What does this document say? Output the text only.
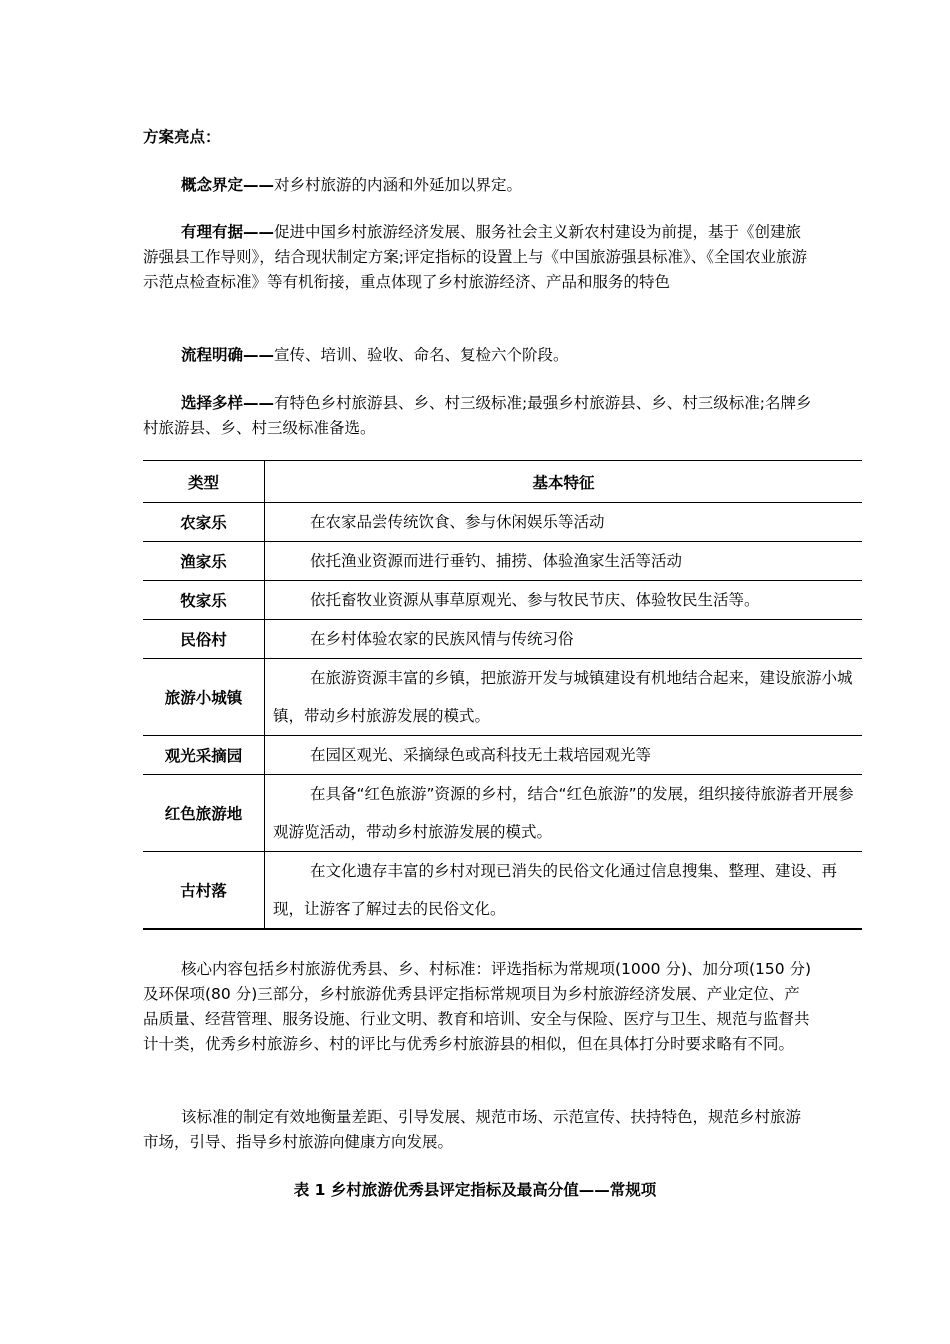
方案亮点：
概念界定——对乡村旅游的内涵和外延加以界定。
有理有据——促进中国乡村旅游经济发展、服务社会主义新农村建设为前提，基于《创建旅游强县工作导则》，结合现状制定方案;评定指标的设置上与《中国旅游强县标准》、《全国农业旅游示范点检查标准》等有机衔接，重点体现了乡村旅游经济、产品和服务的特色
流程明确——宣传、培训、验收、命名、复检六个阶段。
选择多样——有特色乡村旅游县、乡、村三级标准;最强乡村旅游县、乡、村三级标准;名牌乡村旅游县、乡、村三级标准备选。
类型	基本特征
农家乐	在农家品尝传统饮食、参与休闲娱乐等活动
渔家乐	依托渔业资源而进行垂钓、捕捞、体验渔家生活等活动
牧家乐	依托畜牧业资源从事草原观光、参与牧民节庆、体验牧民生活等。
民俗村	在乡村体验农家的民族风情与传统习俗
旅游小城镇	在旅游资源丰富的乡镇，把旅游开发与城镇建设有机地结合起来，建设旅游小城镇，带动乡村旅游发展的模式。
观光采摘园	在园区观光、采摘绿色或高科技无土栽培园观光等
红色旅游地	在具备“红色旅游”资源的乡村，结合“红色旅游”的发展，组织接待旅游者开展参观游览活动，带动乡村旅游发展的模式。
古村落	在文化遗存丰富的乡村对现已消失的民俗文化通过信息搜集、整理、建设、再现，让游客了解过去的民俗文化。
核心内容包括乡村旅游优秀县、乡、村标准：评选指标为常规项(1000 分)、加分项(150 分)及环保项(80 分)三部分，乡村旅游优秀县评定指标常规项目为乡村旅游经济发展、产业定位、产品质量、经营管理、服务设施、行业文明、教育和培训、安全与保险、医疗与卫生、规范与监督共计十类，优秀乡村旅游乡、村的评比与优秀乡村旅游县的相似，但在具体打分时要求略有不同。
该标准的制定有效地衡量差距、引导发展、规范市场、示范宣传、扶持特色，规范乡村旅游市场，引导、指导乡村旅游向健康方向发展。
表 1 乡村旅游优秀县评定指标及最高分值——常规项
